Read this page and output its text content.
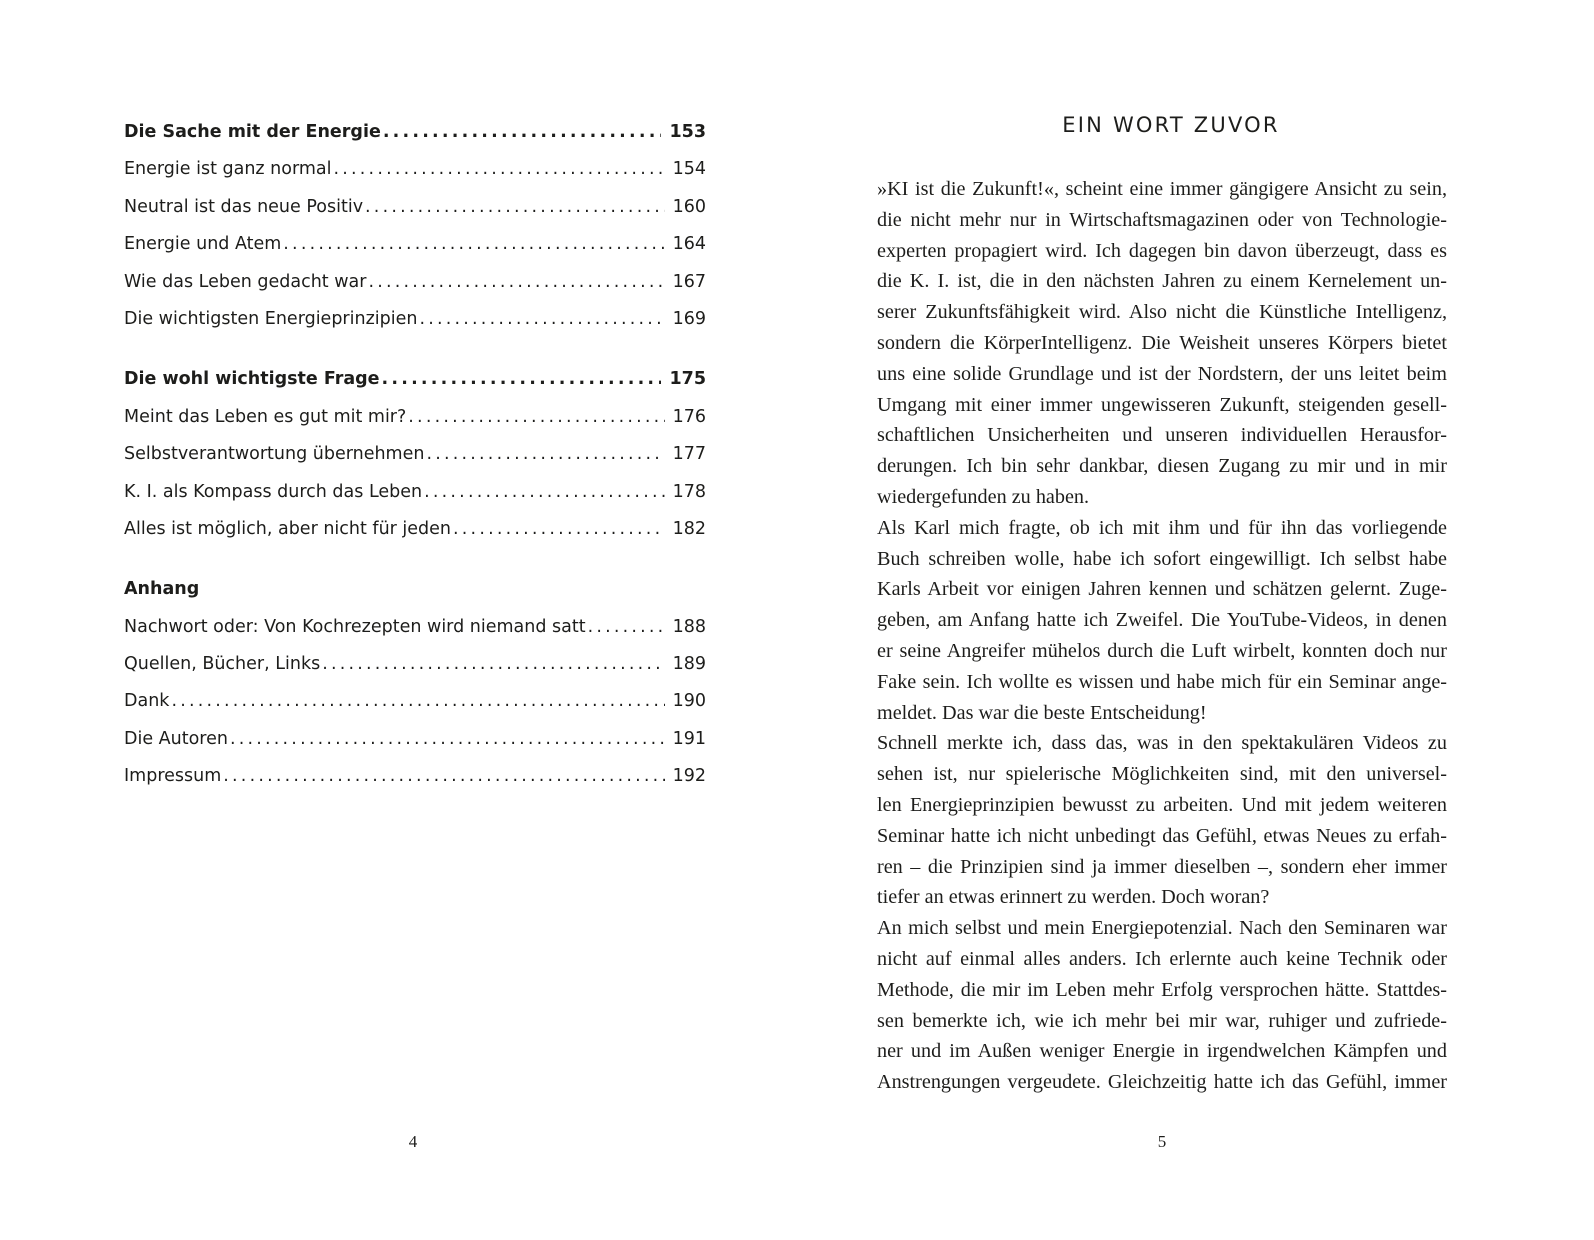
Die Sache mit der Energie .....	153
Energie ist ganz normal .....	154
Neutral ist das neue Positiv .....	160
Energie und Atem .....	164
Wie das Leben gedacht war .....	167
Die wichtigsten Energieprinzipien .....	169
Die wohl wichtigste Frage .....	175
Meint das Leben es gut mit mir? .....	176
Selbstverantwortung übernehmen .....	177
K. I. als Kompass durch das Leben .....	178
Alles ist möglich, aber nicht für jeden .....	182
Anhang
Nachwort oder: Von Kochrezepten wird niemand satt .....	188
Quellen, Bücher, Links .....	189
Dank .....	190
Die Autoren .....	191
Impressum .....	192
4
EIN WORT ZUVOR
»KI ist die Zukunft!«, scheint eine immer gängigere Ansicht zu sein,
die nicht mehr nur in Wirtschaftsmagazinen oder von Technologie-
experten propagiert wird. Ich dagegen bin davon überzeugt, dass es
die K. I. ist, die in den nächsten Jahren zu einem Kernelement un-
serer Zukunftsfähigkeit wird. Also nicht die Künstliche Intelligenz,
sondern die KörperIntelligenz. Die Weisheit unseres Körpers bietet
uns eine solide Grundlage und ist der Nordstern, der uns leitet beim
Umgang mit einer immer ungewisseren Zukunft, steigenden gesell-
schaftlichen Unsicherheiten und unseren individuellen Herausfor-
derungen. Ich bin sehr dankbar, diesen Zugang zu mir und in mir
wiedergefunden zu haben.
Als Karl mich fragte, ob ich mit ihm und für ihn das vorliegende
Buch schreiben wolle, habe ich sofort eingewilligt. Ich selbst habe
Karls Arbeit vor einigen Jahren kennen und schätzen gelernt. Zuge-
geben, am Anfang hatte ich Zweifel. Die YouTube-Videos, in denen
er seine Angreifer mühelos durch die Luft wirbelt, konnten doch nur
Fake sein. Ich wollte es wissen und habe mich für ein Seminar ange-
meldet. Das war die beste Entscheidung!
Schnell merkte ich, dass das, was in den spektakulären Videos zu
sehen ist, nur spielerische Möglichkeiten sind, mit den universel-
len Energieprinzipien bewusst zu arbeiten. Und mit jedem weiteren
Seminar hatte ich nicht unbedingt das Gefühl, etwas Neues zu erfah-
ren – die Prinzipien sind ja immer dieselben –, sondern eher immer
tiefer an etwas erinnert zu werden. Doch woran?
An mich selbst und mein Energiepotenzial. Nach den Seminaren war
nicht auf einmal alles anders. Ich erlernte auch keine Technik oder
Methode, die mir im Leben mehr Erfolg versprochen hätte. Stattdes-
sen bemerkte ich, wie ich mehr bei mir war, ruhiger und zufriede-
ner und im Außen weniger Energie in irgendwelchen Kämpfen und
Anstrengungen vergeudete. Gleichzeitig hatte ich das Gefühl, immer
5
